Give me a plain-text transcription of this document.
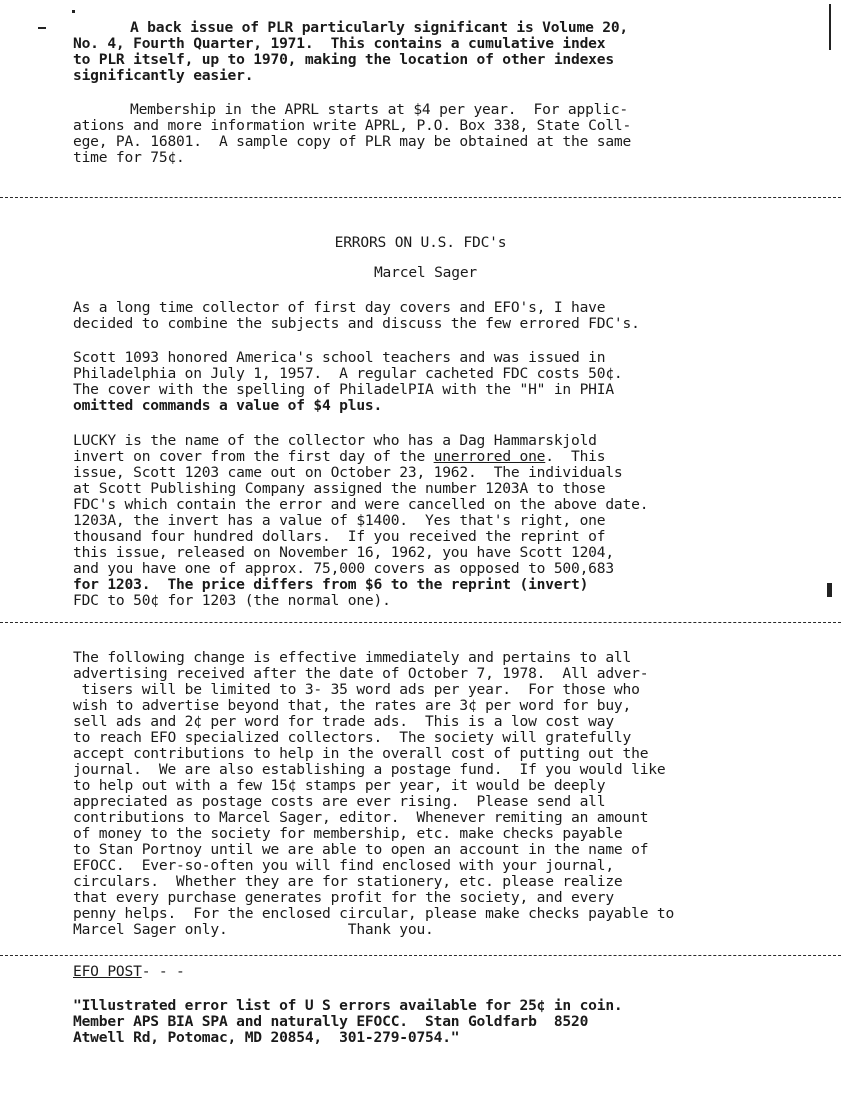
A back issue of PLR particularly significant is Volume 20,
No. 4, Fourth Quarter, 1971.  This contains a cumulative index
to PLR itself, up to 1970, making the location of other indexes
significantly easier.
Membership in the APRL starts at $4 per year.  For applic-
ations and more information write APRL, P.O. Box 338, State Coll-
ege, PA. 16801.  A sample copy of PLR may be obtained at the same
time for 75¢.
ERRORS ON U.S. FDC's
Marcel Sager
As a long time collector of first day covers and EFO's, I have
decided to combine the subjects and discuss the few errored FDC's.
Scott 1093 honored America's school teachers and was issued in
Philadelphia on July 1, 1957.  A regular cacheted FDC costs 50¢.
The cover with the spelling of PhiladelPIA with the "H" in PHIA
omitted commands a value of $4 plus.
LUCKY is the name of the collector who has a Dag Hammarskjold
invert on cover from the first day of the unerrored one.  This
issue, Scott 1203 came out on October 23, 1962.  The individuals
at Scott Publishing Company assigned the number 1203A to those
FDC's which contain the error and were cancelled on the above date.
1203A, the invert has a value of $1400.  Yes that's right, one
thousand four hundred dollars.  If you received the reprint of
this issue, released on November 16, 1962, you have Scott 1204,
and you have one of approx. 75,000 covers as opposed to 500,683
for 1203.  The price differs from $6 to the reprint (invert)
FDC to 50¢ for 1203 (the normal one).
The following change is effective immediately and pertains to all
advertising received after the date of October 7, 1978.  All adver-
tisers will be limited to 3- 35 word ads per year.  For those who
wish to advertise beyond that, the rates are 3¢ per word for buy,
sell ads and 2¢ per word for trade ads.  This is a low cost way
to reach EFO specialized collectors.  The society will gratefully
accept contributions to help in the overall cost of putting out the
journal.  We are also establishing a postage fund.  If you would like
to help out with a few 15¢ stamps per year, it would be deeply
appreciated as postage costs are ever rising.  Please send all
contributions to Marcel Sager, editor.  Whenever remiting an amount
of money to the society for membership, etc. make checks payable
to Stan Portnoy until we are able to open an account in the name of
EFOCC.  Ever-so-often you will find enclosed with your journal,
circulars.  Whether they are for stationery, etc. please realize
that every purchase generates profit for the society, and every
penny helps.  For the enclosed circular, please make checks payable to
Marcel Sager only.              Thank you.
EFO POST- - -
"Illustrated error list of U S errors available for 25¢ in coin.
Member APS BIA SPA and naturally EFOCC.  Stan Goldfarb  8520
Atwell Rd, Potomac, MD 20854,  301-279-0754."
